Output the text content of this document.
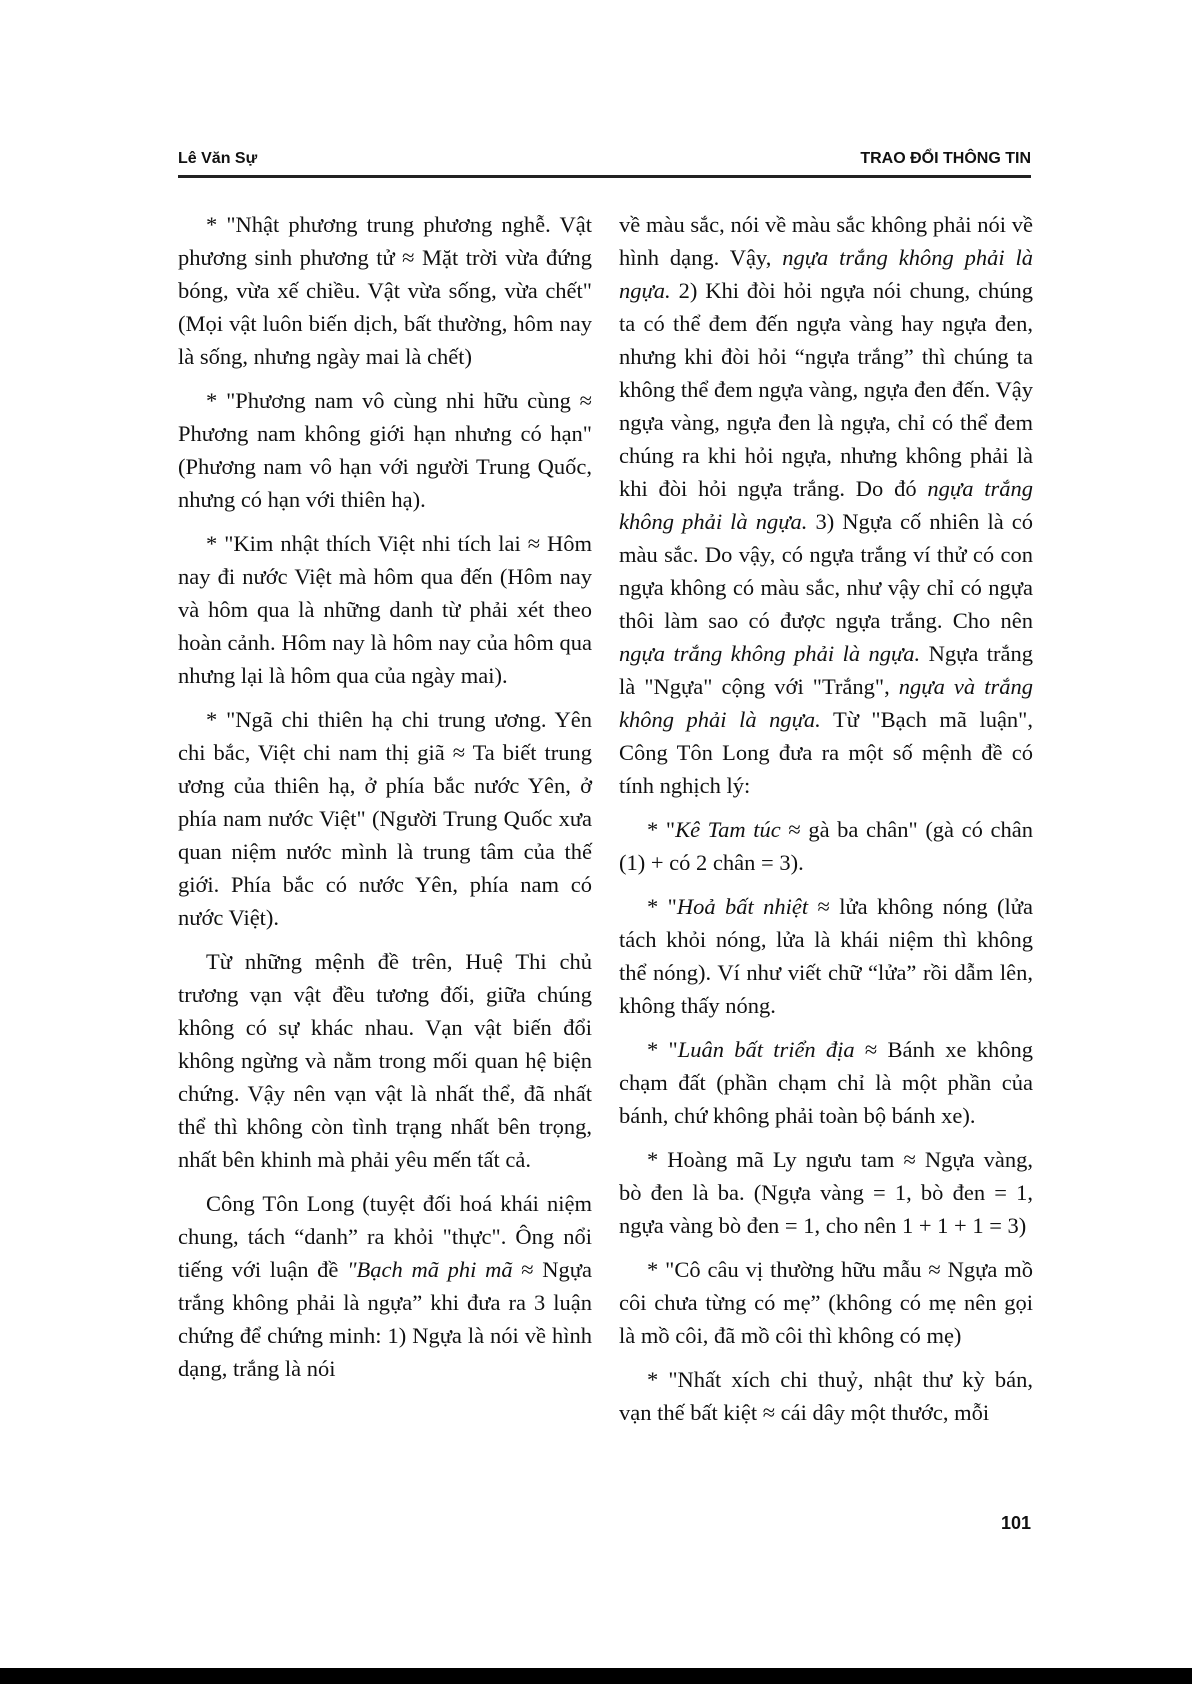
Lê Văn Sự	TRAO ĐỔI THÔNG TIN

* "Nhật phương trung phương nghễ. Vật phương sinh phương tử ≈ Mặt trời vừa đứng bóng, vừa xế chiều. Vật vừa sống, vừa chết" (Mọi vật luôn biến dịch, bất thường, hôm nay là sống, nhưng ngày mai là chết)

* "Phương nam vô cùng nhi hữu cùng ≈ Phương nam không giới hạn nhưng có hạn" (Phương nam vô hạn với người Trung Quốc, nhưng có hạn với thiên hạ).

* "Kim nhật thích Việt nhi tích lai ≈ Hôm nay đi nước Việt mà hôm qua đến (Hôm nay và hôm qua là những danh từ phải xét theo hoàn cảnh. Hôm nay là hôm nay của hôm qua nhưng lại là hôm qua của ngày mai).

* "Ngã chi thiên hạ chi trung ương. Yên chi bắc, Việt chi nam thị giã ≈ Ta biết trung ương của thiên hạ, ở phía bắc nước Yên, ở phía nam nước Việt" (Người Trung Quốc xưa quan niệm nước mình là trung tâm của thế giới. Phía bắc có nước Yên, phía nam có nước Việt).

Từ những mệnh đề trên, Huệ Thi chủ trương vạn vật đều tương đối, giữa chúng không có sự khác nhau. Vạn vật biến đổi không ngừng và nằm trong mối quan hệ biện chứng. Vậy nên vạn vật là nhất thể, đã nhất thể thì không còn tình trạng nhất bên trọng, nhất bên khinh mà phải yêu mến tất cả.

Công Tôn Long (tuyệt đối hoá khái niệm chung, tách “danh” ra khỏi "thực". Ông nổi tiếng với luận đề "Bạch mã phi mã ≈ Ngựa trắng không phải là ngựa” khi đưa ra 3 luận chứng để chứng minh: 1) Ngựa là nói về hình dạng, trắng là nói

về màu sắc, nói về màu sắc không phải nói về hình dạng. Vậy, ngựa trắng không phải là ngựa. 2) Khi đòi hỏi ngựa nói chung, chúng ta có thể đem đến ngựa vàng hay ngựa đen, nhưng khi đòi hỏi “ngựa trắng” thì chúng ta không thể đem ngựa vàng, ngựa đen đến. Vậy ngựa vàng, ngựa đen là ngựa, chỉ có thể đem chúng ra khi hỏi ngựa, nhưng không phải là khi đòi hỏi ngựa trắng. Do đó ngựa trắng không phải là ngựa. 3) Ngựa cố nhiên là có màu sắc. Do vậy, có ngựa trắng ví thử có con ngựa không có màu sắc, như vậy chỉ có ngựa thôi làm sao có được ngựa trắng. Cho nên ngựa trắng không phải là ngựa. Ngựa trắng là "Ngựa" cộng với "Trắng", ngựa và trắng không phải là ngựa. Từ "Bạch mã luận", Công Tôn Long đưa ra một số mệnh đề có tính nghịch lý:

* "Kê Tam túc ≈ gà ba chân" (gà có chân (1) + có 2 chân = 3).

* "Hoả bất nhiệt ≈ lửa không nóng (lửa tách khỏi nóng, lửa là khái niệm thì không thể nóng). Ví như viết chữ “lửa” rồi dẫm lên, không thấy nóng.

* "Luân bất triển địa ≈ Bánh xe không chạm đất (phần chạm chỉ là một phần của bánh, chứ không phải toàn bộ bánh xe).

* Hoàng mã Ly ngưu tam ≈ Ngựa vàng, bò đen là ba. (Ngựa vàng = 1, bò đen = 1, ngựa vàng bò đen = 1, cho nên 1 + 1 + 1 = 3)

* "Cô câu vị thường hữu mẫu ≈ Ngựa mồ côi chưa từng có mẹ” (không có mẹ nên gọi là mồ côi, đã mồ côi thì không có mẹ)

* "Nhất xích chi thuỷ, nhật thư kỳ bán, vạn thế bất kiệt ≈ cái dây một thước, mỗi

101
